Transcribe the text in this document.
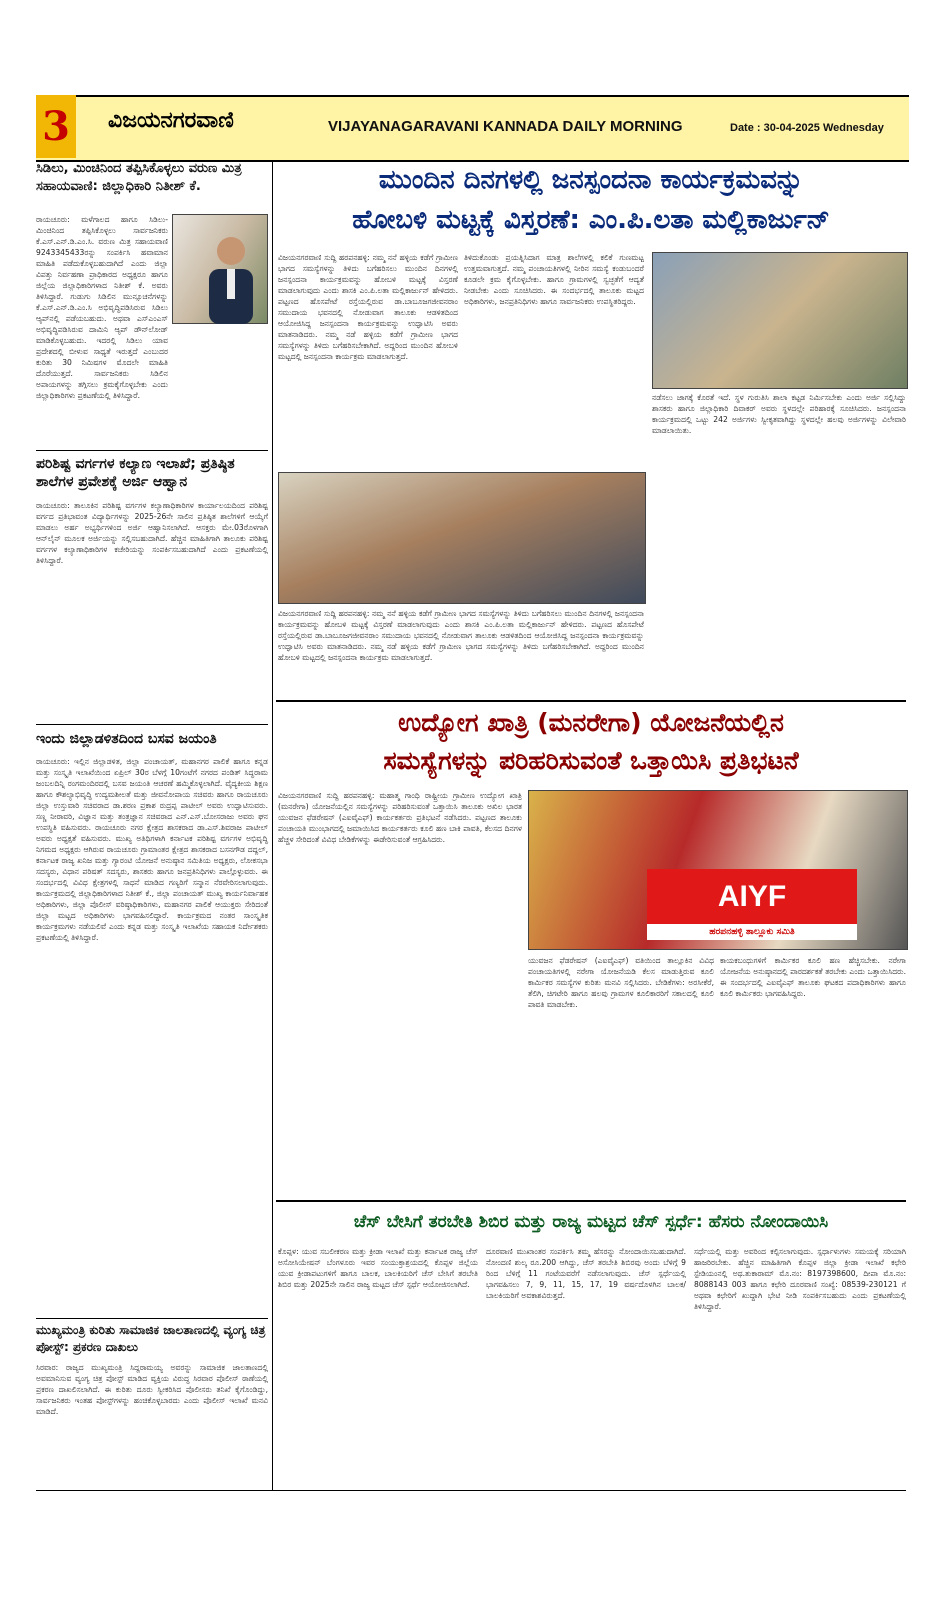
3 ವಿಜಯನಗರವಾಣಿ	VIJAYANAGARAVANI KANNADA DAILY MORNING	Date : 30-04-2025 Wednesday
ಸಿಡಿಲು, ಮಿಂಚಿನಿಂದ ತಪ್ಪಿಸಿಕೊಳ್ಳಲು ವರುಣ ಮಿತ್ರ ಸಹಾಯವಾಣಿ: ಜಿಲ್ಲಾಧಿಕಾರಿ ನಿತೀಶ್ ಕೆ.
ರಾಯಚೂರು: ಮಳೆಗಾಲದ ಹಾಗೂ ಸಿಡಿಲು-ಮಿಂಚಿನಿಂದ ತಪ್ಪಿಸಿಕೊಳ್ಳಲು ಸಾರ್ವಜನಿಕರು ಕೆ.ಎಸ್.ಎನ್.ಡಿ.ಎಂ.ಸಿ. ವರುಣ ಮಿತ್ರ ಸಹಾಯವಾಣಿ 9243345433ರನ್ನು ಸಂಪರ್ಕಿಸಿ ಹವಾಮಾನ ಮಾಹಿತಿ ಪಡೆದುಕೊಳ್ಳಬಹುದಾಗಿದೆ ಎಂದು ಜಿಲ್ಲಾ ವಿಪತ್ತು ನಿರ್ವಹಣಾ ಪ್ರಾಧಿಕಾರದ ಅಧ್ಯಕ್ಷರೂ ಹಾಗೂ ಜಿಲ್ಲೆಯ ಜಿಲ್ಲಾಧಿಕಾರಿಗಳಾದ ನಿತೀಶ್ ಕೆ. ಅವರು ತಿಳಿಸಿದ್ದಾರೆ. ಗುಡುಗು ಸಿಡಿಲಿನ ಮುನ್ಸೂಚನೆಗಳನ್ನು ಕೆ.ಎಸ್.ಎನ್.ಡಿ.ಎಂ.ಸಿ ಅಭಿವೃದ್ಧಿಪಡಿಸಿರುವ ಸಿಡಿಲು ಆ್ಯಪ್‌ನಲ್ಲಿ ಪಡೆಯಬಹುದು. ಅಥವಾ ಎಸ್‌ಎಂಎಸ್ ಅಭಿವೃದ್ಧಿಪಡಿಸಿರುವ ದಾಮಿನಿ ಆ್ಯಪ್ ಡೌನ್‌ಲೋಡ್ ಮಾಡಿಕೊಳ್ಳಬಹುದು. ಇದರಲ್ಲಿ ಸಿಡಿಲು ಯಾವ ಪ್ರದೇಶದಲ್ಲಿ ಬೀಳುವ ಸಾಧ್ಯತೆ ಇರುತ್ತದೆ ಎಂಬುದರ ಕುರಿತು 30 ನಿಮಿಷಗಳ ಮೊದಲೇ ಮಾಹಿತಿ ದೊರೆಯುತ್ತದೆ. ಸಾರ್ವಜನಿಕರು ಸಿಡಿಲಿನ ಅಪಾಯಗಳನ್ನು ತಗ್ಗಿಸಲು ಕ್ರಮಕೈಗೊಳ್ಳಬೇಕು ಎಂದು ಜಿಲ್ಲಾಧಿಕಾರಿಗಳು ಪ್ರಕಟಣೆಯಲ್ಲಿ ತಿಳಿಸಿದ್ದಾರೆ.
ಪರಿಶಿಷ್ಟ ವರ್ಗಗಳ ಕಲ್ಯಾಣ ಇಲಾಖೆ; ಪ್ರತಿಷ್ಠಿತ ಶಾಲೆಗಳ ಪ್ರವೇಶಕ್ಕೆ ಅರ್ಜಿ ಆಹ್ವಾನ
ರಾಯಚೂರು: ತಾಲೂಕಿನ ಪರಿಶಿಷ್ಟ ವರ್ಗಗಳ ಕಲ್ಯಾಣಾಧಿಕಾರಿಗಳ ಕಾರ್ಯಾಲಯದಿಂದ ಪರಿಶಿಷ್ಟ ವರ್ಗದ ಪ್ರತಿಭಾವಂತ ವಿದ್ಯಾರ್ಥಿಗಳನ್ನು 2025-26ನೇ ಸಾಲಿನ ಪ್ರತಿಷ್ಠಿತ ಶಾಲೆಗಳಿಗೆ ಆಯ್ಕೆಗೆ ಮಾಡಲು ಅರ್ಹ ಅಭ್ಯರ್ಥಿಗಳಿಂದ ಅರ್ಜಿ ಆಹ್ವಾನಿಸಲಾಗಿದೆ. ಆಸಕ್ತರು ಮೇ.03ರೊಳಗಾಗಿ ಆನ್‌ಲೈನ್ ಮೂಲಕ ಅರ್ಜಿಯನ್ನು ಸಲ್ಲಿಸಬಹುದಾಗಿದೆ. ಹೆಚ್ಚಿನ ಮಾಹಿತಿಗಾಗಿ ತಾಲೂಕು ಪರಿಶಿಷ್ಟ ವರ್ಗಗಳ ಕಲ್ಯಾಣಾಧಿಕಾರಿಗಳ ಕಚೇರಿಯನ್ನು ಸಂಪರ್ಕಿಸಬಹುದಾಗಿದೆ ಎಂದು ಪ್ರಕಟಣೆಯಲ್ಲಿ ತಿಳಿಸಿದ್ದಾರೆ.
ಇಂದು ಜಿಲ್ಲಾಡಳಿತದಿಂದ ಬಸವ ಜಯಂತಿ
ರಾಯಚೂರು: ಇಲ್ಲಿನ ಜಿಲ್ಲಾಡಳಿತ, ಜಿಲ್ಲಾ ಪಂಚಾಯತ್, ಮಹಾನಗರ ಪಾಲಿಕೆ ಹಾಗೂ ಕನ್ನಡ ಮತ್ತು ಸಂಸ್ಕೃತಿ ಇಲಾಖೆಯಿಂದ ಏಪ್ರಿಲ್ 30ರ ಬೆಳಗ್ಗೆ 10ಗಂಟೆಗೆ ನಗರದ ಪಂಡಿತ್ ಸಿದ್ಧರಾಮ ಜಂಬಲದಿನ್ನಿ ರಂಗಮಂದಿರದಲ್ಲಿ ಬಸವ ಜಯಂತಿ ಆಚರಣೆ ಹಮ್ಮಿಕೊಳ್ಳಲಾಗಿದೆ. ವೈದ್ಯಕೀಯ ಶಿಕ್ಷಣ ಹಾಗೂ ಕೌಶಲ್ಯಾಭಿವೃದ್ಧಿ ಉದ್ಯಮಶೀಲತೆ ಮತ್ತು ಜೀವನೋಪಾಯ ಸಚಿವರು ಹಾಗೂ ರಾಯಚೂರು ಜಿಲ್ಲಾ ಉಸ್ತುವಾರಿ ಸಚಿವರಾದ ಡಾ.ಶರಣ ಪ್ರಕಾಶ ರುದ್ರಪ್ಪ ಪಾಟೀಲ್ ಅವರು ಉದ್ಘಾಟಿಸುವರು. ಸಣ್ಣ ನೀರಾವರಿ, ವಿಜ್ಞಾನ ಮತ್ತು ತಂತ್ರಜ್ಞಾನ ಸಚಿವರಾದ ಎನ್.ಎಸ್.ಬೋಸರಾಜು ಅವರು ಘನ ಉಪಸ್ಥಿತಿ ವಹಿಸುವರು. ರಾಯಚೂರು ನಗರ ಕ್ಷೇತ್ರದ ಶಾಸಕರಾದ ಡಾ.ಎಸ್.ಶಿವರಾಜ ಪಾಟೀಲ್ ಅವರು ಅಧ್ಯಕ್ಷತೆ ವಹಿಸುವರು. ಮುಖ್ಯ ಅತಿಥಿಗಳಾಗಿ ಕರ್ನಾಟಕ ಪರಿಶಿಷ್ಟ ವರ್ಗಗಳ ಅಭಿವೃದ್ಧಿ ನಿಗಮದ ಅಧ್ಯಕ್ಷರು ಆಗಿರುವ ರಾಯಚೂರು ಗ್ರಾಮಾಂತರ ಕ್ಷೇತ್ರದ ಶಾಸಕರಾದ ಬಸನಗೌಡ ದದ್ದಲ್, ಕರ್ನಾಟಕ ರಾಜ್ಯ ಖನಿಜ ಮತ್ತು ಗ್ಯಾರಂಟಿ ಯೋಜನೆ ಅನುಷ್ಠಾನ ಸಮಿತಿಯ ಅಧ್ಯಕ್ಷರು, ಲೋಕಸಭಾ ಸದಸ್ಯರು, ವಿಧಾನ ಪರಿಷತ್ ಸದಸ್ಯರು, ಶಾಸಕರು ಹಾಗೂ ಜನಪ್ರತಿನಿಧಿಗಳು ಪಾಲ್ಗೊಳ್ಳುವರು. ಈ ಸಂದರ್ಭದಲ್ಲಿ ವಿವಿಧ ಕ್ಷೇತ್ರಗಳಲ್ಲಿ ಸಾಧನೆ ಮಾಡಿದ ಗಣ್ಯರಿಗೆ ಸನ್ಮಾನ ನೆರವೇರಿಸಲಾಗುವುದು. ಕಾರ್ಯಕ್ರಮದಲ್ಲಿ ಜಿಲ್ಲಾಧಿಕಾರಿಗಳಾದ ನಿತೀಶ್ ಕೆ., ಜಿಲ್ಲಾ ಪಂಚಾಯತ್ ಮುಖ್ಯ ಕಾರ್ಯನಿರ್ವಾಹಕ ಅಧಿಕಾರಿಗಳು, ಜಿಲ್ಲಾ ಪೊಲೀಸ್ ವರಿಷ್ಠಾಧಿಕಾರಿಗಳು, ಮಹಾನಗರ ಪಾಲಿಕೆ ಆಯುಕ್ತರು ಸೇರಿದಂತೆ ಜಿಲ್ಲಾ ಮಟ್ಟದ ಅಧಿಕಾರಿಗಳು ಭಾಗವಹಿಸಲಿದ್ದಾರೆ. ಕಾರ್ಯಕ್ರಮದ ನಂತರ ಸಾಂಸ್ಕೃತಿಕ ಕಾರ್ಯಕ್ರಮಗಳು ನಡೆಯಲಿವೆ ಎಂದು ಕನ್ನಡ ಮತ್ತು ಸಂಸ್ಕೃತಿ ಇಲಾಖೆಯ ಸಹಾಯಕ ನಿರ್ದೇಶಕರು ಪ್ರಕಟಣೆಯಲ್ಲಿ ತಿಳಿಸಿದ್ದಾರೆ.
ಮುಖ್ಯಮಂತ್ರಿ ಕುರಿತು ಸಾಮಾಜಿಕ ಜಾಲತಾಣದಲ್ಲಿ ವ್ಯಂಗ್ಯ ಚಿತ್ರ ಪೋಸ್ಟ್: ಪ್ರಕರಣ ದಾಖಲು
ಸಿರವಾರ: ರಾಜ್ಯದ ಮುಖ್ಯಮಂತ್ರಿ ಸಿದ್ದರಾಮಯ್ಯ ಅವರನ್ನು ಸಾಮಾಜಿಕ ಜಾಲತಾಣದಲ್ಲಿ ಅವಮಾನಿಸುವ ವ್ಯಂಗ್ಯ ಚಿತ್ರ ಪೋಸ್ಟ್ ಮಾಡಿದ ವ್ಯಕ್ತಿಯ ವಿರುದ್ಧ ಸಿರವಾರ ಪೊಲೀಸ್ ಠಾಣೆಯಲ್ಲಿ ಪ್ರಕರಣ ದಾಖಲಿಸಲಾಗಿದೆ. ಈ ಕುರಿತು ದೂರು ಸ್ವೀಕರಿಸಿದ ಪೊಲೀಸರು ತನಿಖೆ ಕೈಗೊಂಡಿದ್ದು, ಸಾರ್ವಜನಿಕರು ಇಂತಹ ಪೋಸ್ಟ್‌ಗಳನ್ನು ಹಂಚಿಕೊಳ್ಳಬಾರದು ಎಂದು ಪೊಲೀಸ್ ಇಲಾಖೆ ಮನವಿ ಮಾಡಿದೆ.
ಮುಂದಿನ ದಿನಗಳಲ್ಲಿ ಜನಸ್ಪಂದನಾ ಕಾರ್ಯಕ್ರಮವನ್ನು
ಹೋಬಳಿ ಮಟ್ಟಕ್ಕೆ ವಿಸ್ತರಣೆ: ಎಂ.ಪಿ.ಲತಾ ಮಲ್ಲಿಕಾರ್ಜುನ್
ವಿಜಯನಗರವಾಣಿ ಸುದ್ದಿ ಹರಪನಹಳ್ಳಿ: ನಮ್ಮ ನನೆ ಹಳ್ಳಿಯ ಕಡೆಗೆ ಗ್ರಾಮೀಣ ಭಾಗದ ಸಮಸ್ಯೆಗಳನ್ನು ತಿಳಿದು ಬಗೆಹರಿಸಲು ಮುಂದಿನ ದಿನಗಳಲ್ಲಿ ಜನಸ್ಪಂದನಾ ಕಾರ್ಯಕ್ರಮವನ್ನು ಹೋಬಳಿ ಮಟ್ಟಕ್ಕೆ ವಿಸ್ತರಣೆ ಮಾಡಲಾಗುವುದು ಎಂದು ಶಾಸಕಿ ಎಂ.ಪಿ.ಲತಾ ಮಲ್ಲಿಕಾರ್ಜುನ್ ಹೇಳಿದರು. ಪಟ್ಟಣದ ಹೊಸಪೇಟೆ ರಸ್ತೆಯಲ್ಲಿರುವ ಡಾ.ಬಾಬೂಜಗಜೀವನರಾಂ ಸಮುದಾಯ ಭವನದಲ್ಲಿ ನೋಡುವಾಗ ತಾಲೂಕು ಆಡಳಿತದಿಂದ ಆಯೋಜಿಸಿದ್ದ ಜನಸ್ಪಂದನಾ ಕಾರ್ಯಕ್ರಮವನ್ನು ಉದ್ಘಾಟಿಸಿ ಅವರು ಮಾತನಾಡಿದರು. ನಮ್ಮ ನಡೆ ಹಳ್ಳಿಯ ಕಡೆಗೆ ಗ್ರಾಮೀಣ ಭಾಗದ ಸಮಸ್ಯೆಗಳನ್ನು ತಿಳಿದು ಬಗೆಹರಿಸಬೇಕಾಗಿದೆ. ಅದ್ದರಿಂದ ಮುಂದಿನ ಹೋಬಳಿ ಮಟ್ಟದಲ್ಲಿ ಜನಸ್ಪಂದನಾ ಕಾರ್ಯಕ್ರಮ ಮಾಡಲಾಗುತ್ತದೆ.
ತಿಳಿದುಕೊಂಡು ಪ್ರಯತ್ನಿಸಿದಾಗ ಮಾತ್ರ ಶಾಲೆಗಳಲ್ಲಿ ಕಲಿಕೆ ಗುಣಮಟ್ಟ ಉತ್ತಮವಾಗುತ್ತದೆ. ನಮ್ಮ ಪಂಚಾಯತಿಗಳಲ್ಲಿ ನೀರಿನ ಸಮಸ್ಯೆ ಕಂಡುಬಂದರೆ ಕೂಡಲೇ ಕ್ರಮ ಕೈಗೊಳ್ಳಬೇಕು. ಹಾಗೂ ಗ್ರಾಮಗಳಲ್ಲಿ ಸ್ವಚ್ಛತೆಗೆ ಆದ್ಯತೆ ನೀಡಬೇಕು ಎಂದು ಸೂಚಿಸಿದರು. ಈ ಸಂದರ್ಭದಲ್ಲಿ ತಾಲೂಕು ಮಟ್ಟದ ಅಧಿಕಾರಿಗಳು, ಜನಪ್ರತಿನಿಧಿಗಳು ಹಾಗೂ ಸಾರ್ವಜನಿಕರು ಉಪಸ್ಥಿತರಿದ್ದರು.
ನಡೆಸಲು ಜಾಗಕ್ಕೆ ಕೊರತೆ ಇದೆ. ಸ್ಥಳ ಗುರುತಿಸಿ ಶಾಲಾ ಕಟ್ಟಡ ನಿರ್ಮಿಸಬೇಕು ಎಂದು ಅರ್ಜಿ ಸಲ್ಲಿಸಿದ್ದು ಶಾಸಕರು ಹಾಗೂ ಜಿಲ್ಲಾಧಿಕಾರಿ ದಿವಾಕರ್ ಅವರು ಸ್ಥಳದಲ್ಲೇ ಪರಿಹಾರಕ್ಕೆ ಸೂಚಿಸಿದರು. ಜನಸ್ಪಂದನಾ ಕಾರ್ಯಕ್ರಮದಲ್ಲಿ ಒಟ್ಟು 242 ಅರ್ಜಿಗಳು ಸ್ವೀಕೃತವಾಗಿದ್ದು ಸ್ಥಳದಲ್ಲೇ ಹಲವು ಅರ್ಜಿಗಳನ್ನು ವಿಲೇವಾರಿ ಮಾಡಲಾಯಿತು.
ವಿಜಯನಗರವಾಣಿ ಸುದ್ದಿ ಹರಪನಹಳ್ಳಿ: ನಮ್ಮ ನನೆ ಹಳ್ಳಿಯ ಕಡೆಗೆ ಗ್ರಾಮೀಣ ಭಾಗದ ಸಮಸ್ಯೆಗಳನ್ನು ತಿಳಿದು ಬಗೆಹರಿಸಲು ಮುಂದಿನ ದಿನಗಳಲ್ಲಿ ಜನಸ್ಪಂದನಾ ಕಾರ್ಯಕ್ರಮವನ್ನು ಹೋಬಳಿ ಮಟ್ಟಕ್ಕೆ ವಿಸ್ತರಣೆ ಮಾಡಲಾಗುವುದು ಎಂದು ಶಾಸಕಿ ಎಂ.ಪಿ.ಲತಾ ಮಲ್ಲಿಕಾರ್ಜುನ್ ಹೇಳಿದರು. ಪಟ್ಟಣದ ಹೊಸಪೇಟೆ ರಸ್ತೆಯಲ್ಲಿರುವ ಡಾ.ಬಾಬೂಜಗಜೀವನರಾಂ ಸಮುದಾಯ ಭವನದಲ್ಲಿ ನೋಡುವಾಗ ತಾಲೂಕು ಆಡಳಿತದಿಂದ ಆಯೋಜಿಸಿದ್ದ ಜನಸ್ಪಂದನಾ ಕಾರ್ಯಕ್ರಮವನ್ನು ಉದ್ಘಾಟಿಸಿ ಅವರು ಮಾತನಾಡಿದರು. ನಮ್ಮ ನಡೆ ಹಳ್ಳಿಯ ಕಡೆಗೆ ಗ್ರಾಮೀಣ ಭಾಗದ ಸಮಸ್ಯೆಗಳನ್ನು ತಿಳಿದು ಬಗೆಹರಿಸಬೇಕಾಗಿದೆ. ಅದ್ದರಿಂದ ಮುಂದಿನ ಹೋಬಳಿ ಮಟ್ಟದಲ್ಲಿ ಜನಸ್ಪಂದನಾ ಕಾರ್ಯಕ್ರಮ ಮಾಡಲಾಗುತ್ತದೆ.
ಉದ್ಯೋಗ ಖಾತ್ರಿ (ಮನರೇಗಾ) ಯೋಜನೆಯಲ್ಲಿನ
ಸಮಸ್ಯೆಗಳನ್ನು ಪರಿಹರಿಸುವಂತೆ ಒತ್ತಾಯಿಸಿ ಪ್ರತಿಭಟನೆ
ವಿಜಯನಗರವಾಣಿ ಸುದ್ದಿ ಹರಪನಹಳ್ಳಿ: ಮಹಾತ್ಮ ಗಾಂಧಿ ರಾಷ್ಟ್ರೀಯ ಗ್ರಾಮೀಣ ಉದ್ಯೋಗ ಖಾತ್ರಿ (ಮನರೇಗಾ) ಯೋಜನೆಯಲ್ಲಿನ ಸಮಸ್ಯೆಗಳನ್ನು ಪರಿಹರಿಸುವಂತೆ ಒತ್ತಾಯಿಸಿ ತಾಲೂಕು ಅಖಿಲ ಭಾರತ ಯುವಜನ ಫೆಡರೇಷನ್ (ಎಐವೈಎಫ್) ಕಾರ್ಯಕರ್ತರು ಪ್ರತಿಭಟನೆ ನಡೆಸಿದರು. ಪಟ್ಟಣದ ತಾಲೂಕು ಪಂಚಾಯತಿ ಮುಂಭಾಗದಲ್ಲಿ ಜಮಾಯಿಸಿದ ಕಾರ್ಯಕರ್ತರು ಕೂಲಿ ಹಣ ಬಾಕಿ ಪಾವತಿ, ಕೆಲಸದ ದಿನಗಳ ಹೆಚ್ಚಳ ಸೇರಿದಂತೆ ವಿವಿಧ ಬೇಡಿಕೆಗಳನ್ನು ಈಡೇರಿಸುವಂತೆ ಆಗ್ರಹಿಸಿದರು.
AIYF
ಹರಪನಹಳ್ಳಿ ತಾಲ್ಲೂಕು ಸಮಿತಿ
ಯುವಜನ ಫೆಡರೇಷನ್ (ಎಐವೈಎಫ್) ವತಿಯಿಂದ ತಾಲ್ಲೂಕಿನ ವಿವಿಧ ಪಂಚಾಯತಿಗಳಲ್ಲಿ ನರೇಗಾ ಯೋಜನೆಯಡಿ ಕೆಲಸ ಮಾಡುತ್ತಿರುವ ಕೂಲಿ ಕಾರ್ಮಿಕರ ಸಮಸ್ಯೆಗಳ ಕುರಿತು ಮನವಿ ಸಲ್ಲಿಸಿದರು. ಬೇಡಿಕೆಗಳು: ಅರಸೀಕೆರೆ, ತೆಲಿಗಿ, ಚಿಗಟೇರಿ ಹಾಗೂ ಹಲವು ಗ್ರಾಮಗಳ ಕೂಲಿಕಾರರಿಗೆ ಸಕಾಲದಲ್ಲಿ ಕೂಲಿ ಪಾವತಿ ಮಾಡಬೇಕು.
ಕಾಯಕಬಂಧುಗಳಿಗೆ ಕಾರ್ಮಿಕರ ಕೂಲಿ ಹಣ ಹೆಚ್ಚಿಸಬೇಕು. ನರೇಗಾ ಯೋಜನೆಯ ಅನುಷ್ಠಾನದಲ್ಲಿ ಪಾರದರ್ಶಕತೆ ತರಬೇಕು ಎಂದು ಒತ್ತಾಯಿಸಿದರು. ಈ ಸಂದರ್ಭದಲ್ಲಿ ಎಐವೈಎಫ್ ತಾಲೂಕು ಘಟಕದ ಪದಾಧಿಕಾರಿಗಳು ಹಾಗೂ ಕೂಲಿ ಕಾರ್ಮಿಕರು ಭಾಗವಹಿಸಿದ್ದರು.
ಚೆಸ್ ಬೇಸಿಗೆ ತರಬೇತಿ ಶಿಬಿರ ಮತ್ತು ರಾಜ್ಯ ಮಟ್ಟದ ಚೆಸ್ ಸ್ಪರ್ಧೆ: ಹೆಸರು ನೋಂದಾಯಿಸಿ
ಕೊಪ್ಪಳ: ಯುವ ಸಬಲೀಕರಣ ಮತ್ತು ಕ್ರೀಡಾ ಇಲಾಖೆ ಮತ್ತು ಕರ್ನಾಟಕ ರಾಜ್ಯ ಚೆಸ್ ಅಸೋಸಿಯೇಷನ್ ಬೆಂಗಳೂರು ಇವರ ಸಂಯುಕ್ತಾಶ್ರಯದಲ್ಲಿ ಕೊಪ್ಪಳ ಜಿಲ್ಲೆಯ ಯುವ ಕ್ರೀಡಾಪಟುಗಳಿಗೆ ಹಾಗೂ ಬಾಲಕ, ಬಾಲಕಿಯರಿಗೆ ಚೆಸ್ ಬೇಸಿಗೆ ತರಬೇತಿ ಶಿಬಿರ ಮತ್ತು 2025ನೇ ಸಾಲಿನ ರಾಜ್ಯ ಮಟ್ಟದ ಚೆಸ್ ಸ್ಪರ್ಧೆ ಆಯೋಜಿಸಲಾಗಿದೆ.
ದೂರವಾಣಿ ಮುಖಾಂತರ ಸಂಪರ್ಕಿಸಿ ತಮ್ಮ ಹೆಸರನ್ನು ನೋಂದಾಯಿಸಬಹುದಾಗಿದೆ. ನೋಂದಣಿ ಶುಲ್ಕ ರೂ.200 ಆಗಿದ್ದು, ಚೆಸ್ ತರಬೇತಿ ಶಿಬಿರವು ಅಂದು ಬೆಳಿಗ್ಗೆ 9 ರಿಂದ ಬೆಳಿಗ್ಗೆ 11 ಗಂಟೆಯವರೆಗೆ ನಡೆಸಲಾಗುವುದು. ಚೆಸ್ ಸ್ಪರ್ಧೆಯಲ್ಲಿ ಭಾಗವಹಿಸಲು 7, 9, 11, 15, 17, 19 ವರ್ಷದೊಳಗಿನ ಬಾಲಕ/ಬಾಲಕಿಯರಿಗೆ ಅವಕಾಶವಿರುತ್ತದೆ.
ಸರ್ಧೆಯಲ್ಲಿ ಮತ್ತು ಅವರಿಂದ ಕಲ್ಪಿಸಲಾಗುವುದು. ಸ್ಪರ್ಧಾಳುಗಳು ಸಮಯಕ್ಕೆ ಸರಿಯಾಗಿ ಹಾಜರಿರಬೇಕು. ಹೆಚ್ಚಿನ ಮಾಹಿತಿಗಾಗಿ ಕೊಪ್ಪಳ ಜಿಲ್ಲಾ ಕ್ರೀಡಾ ಇಲಾಖೆ ಕಛೇರಿ ಸ್ಟೇಡಿಯಂನಲ್ಲಿ ಅಥ.ತುಕಾರಾಮ್ ಮೊ.ನಂ: 8197398600, ದೀಪಾ ಮೊ.ನಂ: 8088143 003 ಹಾಗೂ ಕಛೇರಿ ದೂರವಾಣಿ ಸಂಖ್ಯೆ: 08539-230121 ಗೆ ಅಥವಾ ಕಛೇರಿಗೆ ಖುದ್ದಾಗಿ ಭೇಟಿ ನೀಡಿ ಸಂಪರ್ಕಿಸಬಹುದು ಎಂದು ಪ್ರಕಟಣೆಯಲ್ಲಿ ತಿಳಿಸಿದ್ದಾರೆ.
